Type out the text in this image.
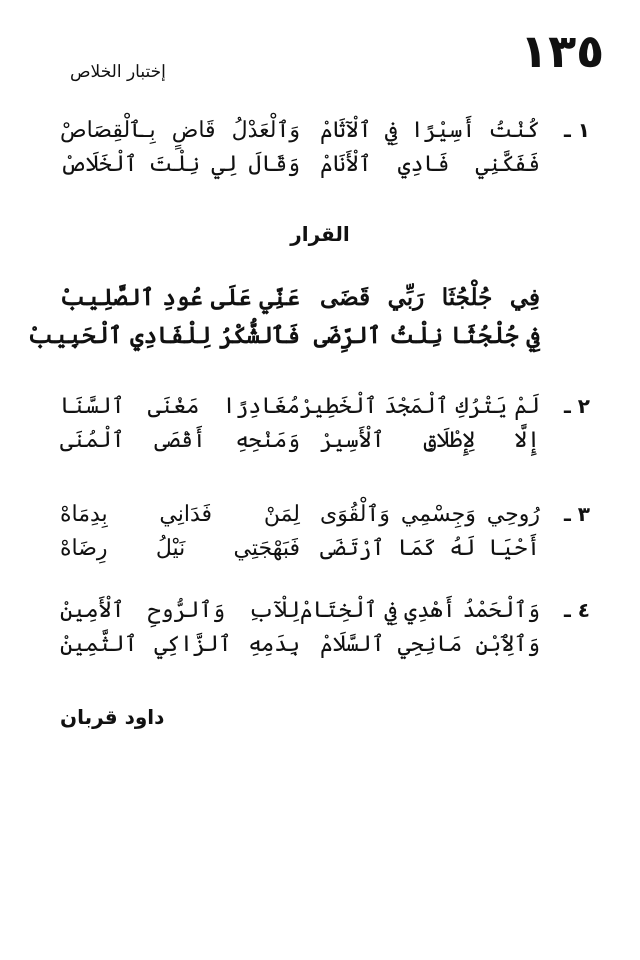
١٣٥
إختبار الخلاص
١ ـ
كُنْتُ أَسِيْرًا فِي ٱلْآثَامْ
وَٱلْعَدْلُ قَاضٍ بِـٱلْقِصَاصْ
فَفَكَّنِي فَادِي ٱلْأَنَامْ
وَقَالَ لِي نِلْتَ ٱلْخَلَاصْ
القرار
فِي جُلْجُثَا رَبِّي قَضَى
عَنِّي عَلَى عُودِ ٱلصَّلِيبْ
فِي جُلْجُثَا نِلْتُ ٱلرِّضَى
فَٱلشُّكْرُ لِلْفَادِي ٱلْحَبِيبْ
٢ ـ
لَمْ يَتْرُكِ ٱلْمَجْدَ ٱلْخَطِيرْ
مُغَادِرًا مَغْنَى ٱلسَّنَا
إِلَّا لِإِطْلَاقِ ٱلْأَسِيرْ
وَمَنْحِهِ أَقْصَى ٱلْمُنَى
٣ ـ
رُوحِي وَجِسْمِي وَٱلْقُوَى
لِمَنْ فَدَانِي بِدِمَاهْ
أَحْيَا لَهُ كَمَا ٱرْتَضَى
فَبَهْجَتِي نَيْلُ رِضَاهْ
٤ ـ
وَٱلْحَمْدُ أَهْدِي فِي ٱلْخِتَامْ
لِلْآبِ وَٱلرُّوحِ ٱلْأَمِينْ
وَٱلِٱبْنِ مَانِحِي ٱلسَّلَامْ
بِدَمِهِ ٱلزَّاكِي ٱلثَّمِينْ
داود قربان
